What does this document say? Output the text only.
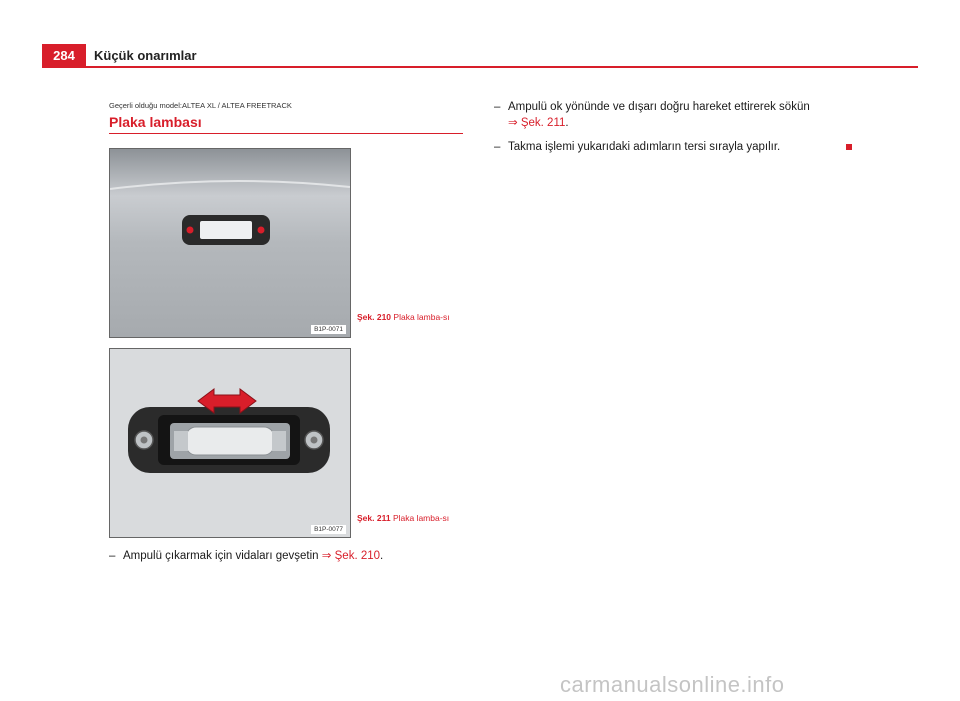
284	Küçük onarımlar
Geçerli olduğu model:ALTEA XL / ALTEA FREETRACK
Plaka lambası
B1P-0071
Şek. 210 Plaka lamba-sı
B1P-0077
Şek. 211 Plaka lamba-sı
– Ampulü çıkarmak için vidaları gevşetin ⇒ Şek. 210.
– Ampulü ok yönünde ve dışarı doğru hareket ettirerek sökün
⇒ Şek. 211.
– Takma işlemi yukarıdaki adımların tersi sırayla yapılır.
carmanualsonline.info
